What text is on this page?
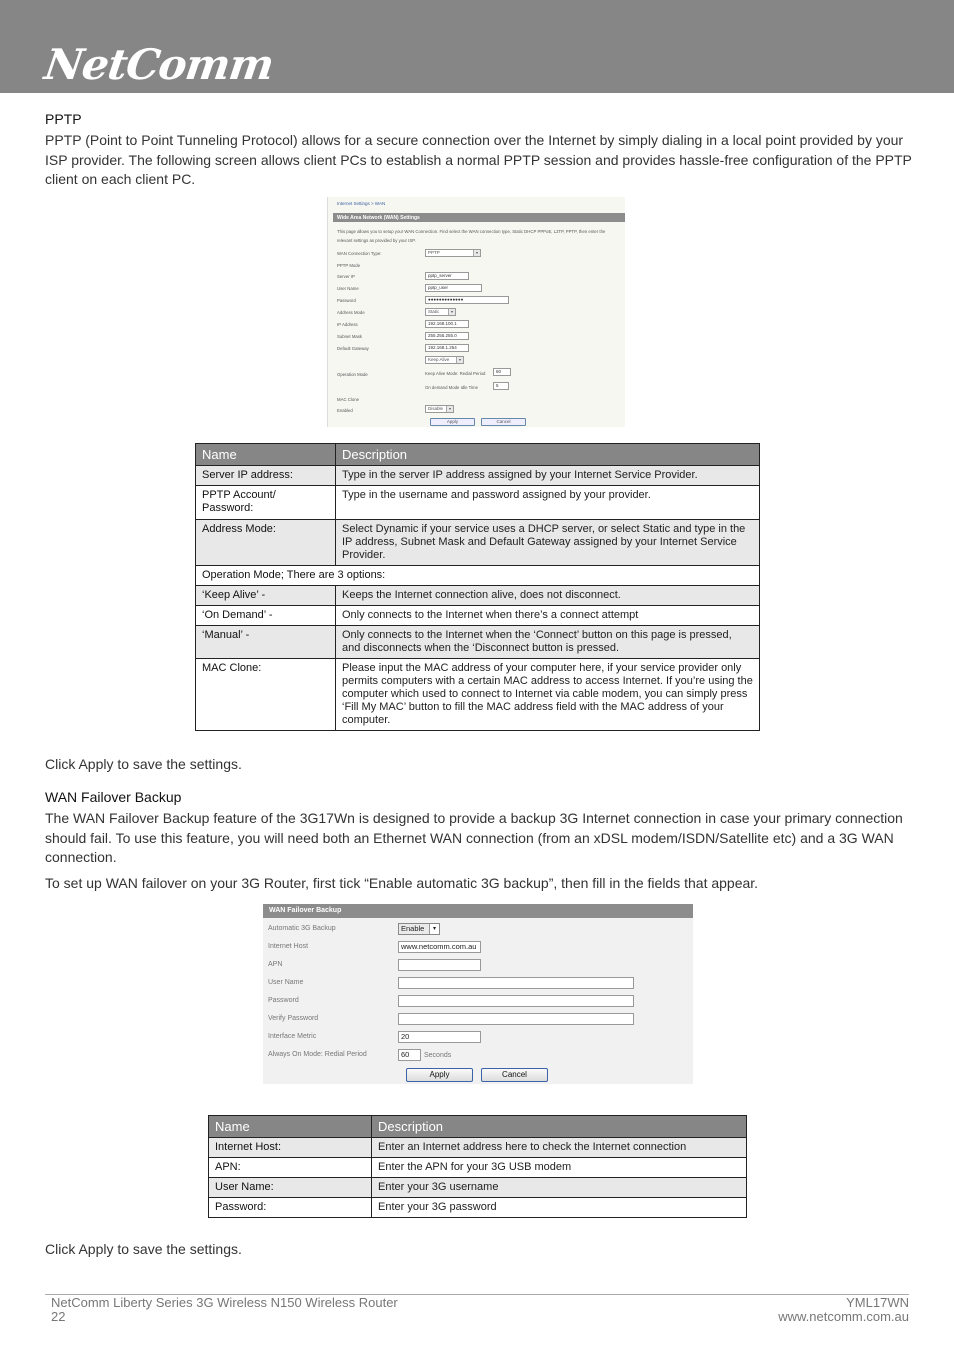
NetComm
PPTP
PPTP (Point to Point Tunneling Protocol) allows for a secure connection over the Internet by simply dialing in a local point provided by your ISP provider. The following screen allows client PCs to establish a normal PPTP session and provides hassle-free configuration of the PPTP client on each client PC.
Internet Settings > WAN
Wide Area Network (WAN) Settings
This page allows you to setup your WAN Connection. Find select the WAN connection type, Static DHCP PPPoE, L2TP, PPTP, then enter the relevant settings as provided by your ISP.
WAN Connection Type:	PPTP	▾
PPTP Mode
Server IP	pptp_server
User Name	pptp_user
Password	●●●●●●●●●●●●●
Address Mode	Static	▾
IP Address	192.168.100.1
Subnet Mask	255.255.255.0
Default Gateway	192.168.1.254
Keep Alive	▾
Operation Mode	Keep Alive Mode: Redial Period	60
On demand Mode Idle Time	5
MAC Clone
Enabled	Disable	▾
Apply	Cancel
Name	Description
Server IP address:	Type in the server IP address assigned by your Internet Service Provider.
PPTP Account/ Password:	Type in the username and password assigned by your provider.
Address Mode:	Select Dynamic if your service uses a DHCP server, or select Static and type in the IP address, Subnet Mask and Default Gateway assigned by your Internet Service Provider.
Operation Mode; There are 3 options:	
‘Keep Alive’ -	Keeps the Internet connection alive, does not disconnect.
‘On Demand’ -	Only connects to the Internet when there’s a connect attempt
‘Manual’ -	Only connects to the Internet when the ‘Connect’ button on this page is pressed, and disconnects when the ‘Disconnect button is pressed.
MAC Clone:	Please input the MAC address of your computer here, if your service provider only permits computers with a certain MAC address to access Internet. If you’re using the computer which used to connect to Internet via cable modem, you can simply press ‘Fill My MAC’ button to fill the MAC address field with the MAC address of your computer.
Click Apply to save the settings.
WAN Failover Backup
The WAN Failover Backup feature of the 3G17Wn is designed to provide a backup 3G Internet connection in case your primary connection should fail. To use this feature, you will need both an Ethernet WAN connection (from an xDSL modem/ISDN/Satellite etc) and a 3G WAN connection.
To set up WAN failover on your 3G Router, first tick “Enable automatic 3G backup”, then fill in the fields that appear.
WAN Failover Backup
Automatic 3G Backup	Enable	▾
Internet Host	www.netcomm.com.au
APN
User Name
Password
Verify Password
Interface Metric	20
Always On Mode: Redial Period	60	Seconds
Apply	Cancel
Name	Description
Internet Host:	Enter an Internet address here to check the Internet connection
APN:	Enter the APN for your 3G USB modem
User Name:	Enter your 3G username
Password:	Enter your 3G password
Click Apply to save the settings.
NetComm Liberty Series 3G Wireless N150 Wireless Router
22
YML17WN
www.netcomm.com.au
